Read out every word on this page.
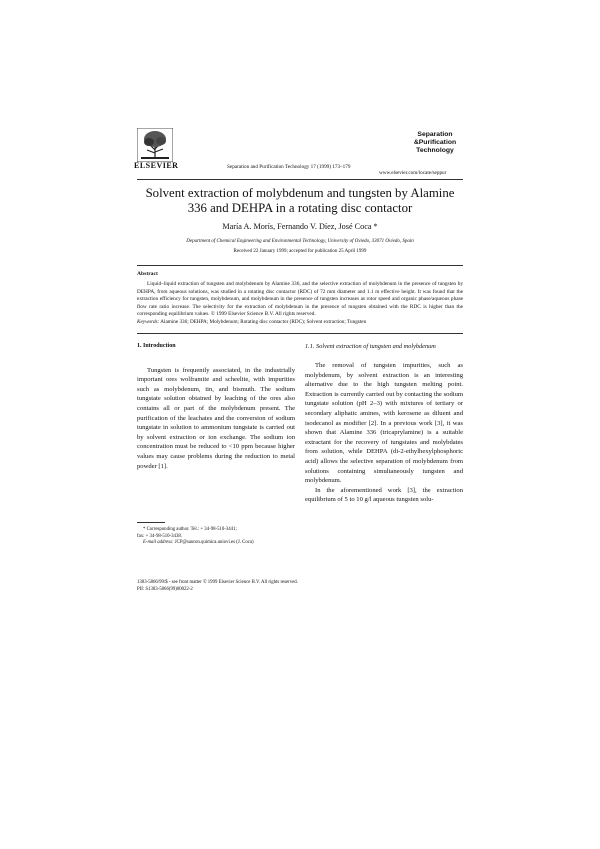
ELSEVIER	Separation and Purification Technology 17 (1999) 173–179
Separation
&Purification
Technology
www.elsevier.com/locate/seppur
Solvent extraction of molybdenum and tungsten by Alamine 336 and DEHPA in a rotating disc contactor
María A. Morís, Fernando V. Díez, José Coca *
Department of Chemical Engineering and Environmental Technology, University of Oviedo, 33071 Oviedo, Spain
Received 22 January 1999; accepted for publication 25 April 1999
Abstract
Liquid–liquid extraction of tungsten and molybdenum by Alamine 336, and the selective extraction of molybdenum in the presence of tungsten by DEHPA, from aqueous solutions, was studied in a rotating disc contactor (RDC) of 72 mm diameter and 1.1 m effective height. It was found that the extraction efficiency for tungsten, molybdenum, and molybdenum in the presence of tungsten increases as rotor speed and organic phase/aqueous phase flow rate ratio increase. The selectivity for the extraction of molybdenum in the presence of tungsten obtained with the RDC is higher than the corresponding equilibrium values. © 1999 Elsevier Science B.V. All rights reserved.
Keywords: Alamine 336; DEHPA; Molybdenum; Rotating disc contactor (RDC); Solvent extraction; Tungsten
1. Introduction
Tungsten is frequently associated, in the industrially important ores wolframite and scheelite, with impurities such as molybdenum, tin, and bismuth. The sodium tungstate solution obtained by leaching of the ores also contains all or part of the molybdenum present. The purification of the leachates and the conversion of sodium tungstate in solution to ammonium tungstate is carried out by solvent extraction or ion exchange. The sodium ion concentration must be reduced to <10 ppm because higher values may cause problems during the reduction to metal powder [1].
* Corresponding author. Tel.: + 34-98-510-3441;
fax: + 34-98-510-3438.
E-mail address: JCP@sauron.quimica.uniovi.es (J. Coca)
1.1. Solvent extraction of tungsten and molybdenum
The removal of tungsten impurities, such as molybdenum, by solvent extraction is an interesting alternative due to the high tungsten melting point. Extraction is currently carried out by contacting the sodium tungstate solution (pH 2–3) with mixtures of tertiary or secondary aliphatic amines, with kerosene as diluent and isodecanol as modifier [2]. In a previous work [3], it was shown that Alamine 336 (tricaprylamine) is a suitable extractant for the recovery of tungstates and molybdates from solution, while DEHPA (di-2-ethylhexylphosphoric acid) allows the selective separation of molybdenum from solutions containing simultaneously tungsten and molybdenum.
In the aforementioned work [3], the extraction equilibrium of 5 to 10 g/l aqueous tungsten solu-
1383-5866/99/$ - see front matter © 1999 Elsevier Science B.V. All rights reserved.
PII: S1383-5866(99)00022-2
